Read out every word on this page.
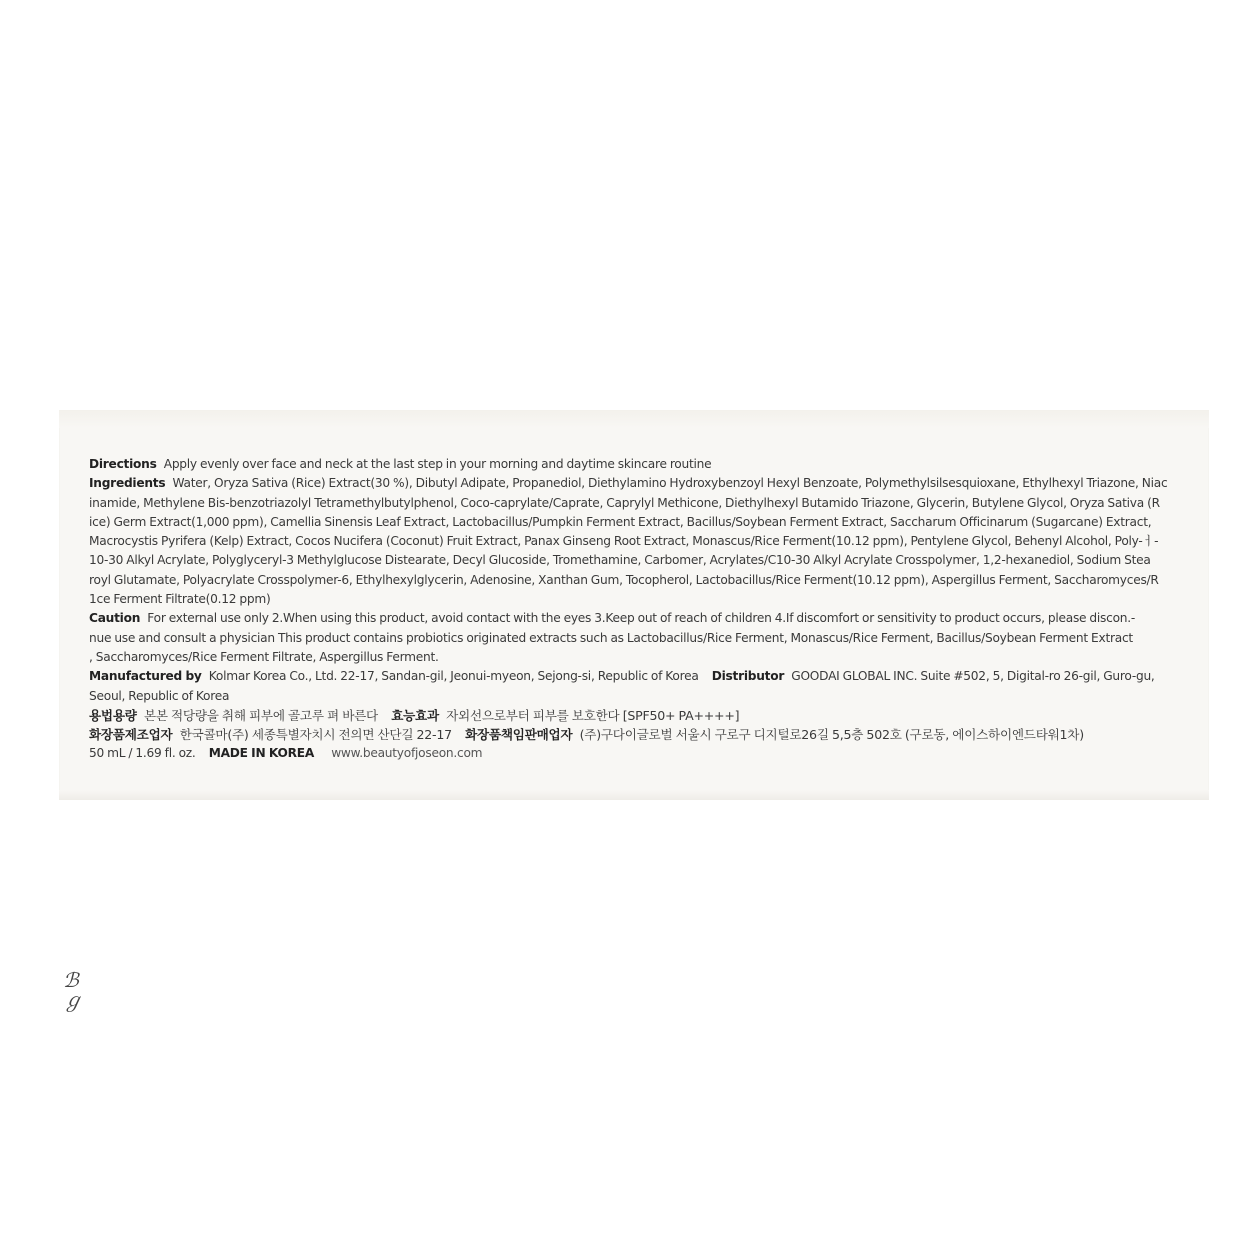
ℬ
ℊ

Directions Apply evenly over face and neck at the last step in your morning and daytime skincare routine

Ingredients Water, Oryza Sativa (Rice) Extract(30 %), Dibutyl Adipate, Propanediol, Diethylamino Hydroxybenzoyl Hexyl Benzoate, Polymethylsilsesquioxane, Ethylhexyl Triazone, Niac

inamide, Methylene Bis-benzotriazolyl Tetramethylbutylphenol, Coco-caprylate/Caprate, Caprylyl Methicone, Diethylhexyl Butamido Triazone, Glycerin, Butylene Glycol, Oryza Sativa (R

ice) Germ Extract(1,000 ppm), Camellia Sinensis Leaf Extract, Lactobacillus/Pumpkin Ferment Extract, Bacillus/Soybean Ferment Extract, Saccharum Officinarum (Sugarcane) Extract,

Macrocystis Pyrifera (Kelp) Extract, Cocos Nucifera (Coconut) Fruit Extract, Panax Ginseng Root Extract, Monascus/Rice Ferment(10.12 ppm), Pentylene Glycol, Behenyl Alcohol, Poly-ㅓ-

10-30 Alkyl Acrylate, Polyglyceryl-3 Methylglucose Distearate, Decyl Glucoside, Tromethamine, Carbomer, Acrylates/C10-30 Alkyl Acrylate Crosspolymer, 1,2-hexanediol, Sodium Stea

royl Glutamate, Polyacrylate Crosspolymer-6, Ethylhexylglycerin, Adenosine, Xanthan Gum, Tocopherol, Lactobacillus/Rice Ferment(10.12 ppm), Aspergillus Ferment, Saccharomyces/R

1ce Ferment Filtrate(0.12 ppm)

Caution For external use only 2.When using this product, avoid contact with the eyes 3.Keep out of reach of children 4.If discomfort or sensitivity to product occurs, please discon.-

nue use and consult a physician This product contains probiotics originated extracts such as Lactobacillus/Rice Ferment, Monascus/Rice Ferment, Bacillus/Soybean Ferment Extract

, Saccharomyces/Rice Ferment Filtrate, Aspergillus Ferment.

Manufactured by Kolmar Korea Co., Ltd. 22-17, Sandan-gil, Jeonui-myeon, Sejong-si, Republic of Korea Distributor GOODAI GLOBAL INC. Suite #502, 5, Digital-ro 26-gil, Guro-gu,

Seoul, Republic of Korea

용법용량 본본 적당량을 취해 피부에 골고루 펴 바른다 효능효과 자외선으로부터 피부를 보호한다 [SPF50+ PA++++]

화장품제조업자 한국콜마(주) 세종특별자치시 전의면 산단길 22-17 화장품책임판매업자 (주)구다이글로벌 서울시 구로구 디지털로26길 5,5층 502호 (구로동, 에이스하이엔드타워1차)

50 mL / 1.69 fl. oz. MADE IN KOREA www.beautyofjoseon.com
